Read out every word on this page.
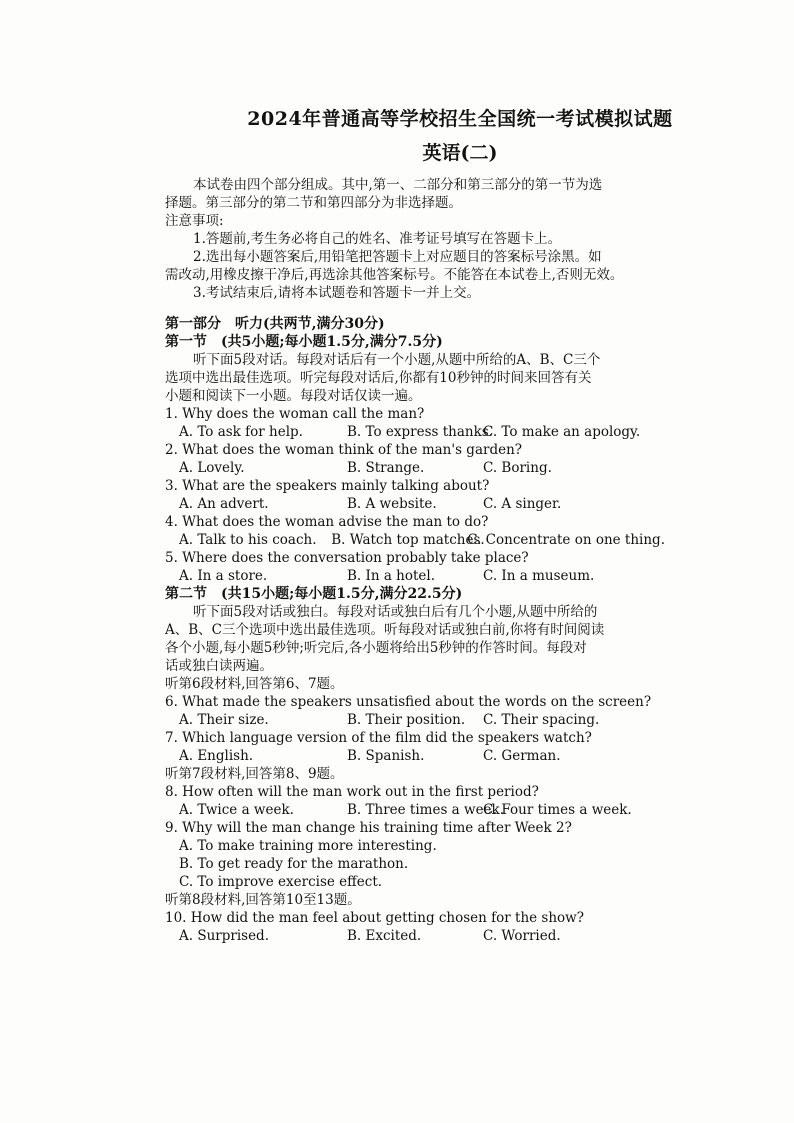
2024年普通高等学校招生全国统一考试模拟试题
英语(二)
本试卷由四个部分组成。其中,第一、二部分和第三部分的第一节为选
择题。第三部分的第二节和第四部分为非选择题。
注意事项:
1.答题前,考生务必将自己的姓名、准考证号填写在答题卡上。
2.选出每小题答案后,用铅笔把答题卡上对应题目的答案标号涂黑。如
需改动,用橡皮擦干净后,再选涂其他答案标号。不能答在本试卷上,否则无效。
3.考试结束后,请将本试题卷和答题卡一并上交。
第一部分　听力(共两节,满分30分)
第一节　(共5小题;每小题1.5分,满分7.5分)
听下面5段对话。每段对话后有一个小题,从题中所给的A、B、C三个
选项中选出最佳选项。听完每段对话后,你都有10秒钟的时间来回答有关
小题和阅读下一小题。每段对话仅读一遍。
1. Why does the woman call the man?
A. To ask for help.	B. To express thanks.
C. To make an apology.
2. What does the woman think of the man's garden?
A. Lovely.	B. Strange.	C. Boring.
3. What are the speakers mainly talking about?
A. An advert.	B. A website.	C. A singer.
4. What does the woman advise the man to do?
A. Talk to his coach.	B. Watch top matches.
C. Concentrate on one thing.
5. Where does the conversation probably take place?
A. In a store.	B. In a hotel.	C. In a museum.
第二节　(共15小题;每小题1.5分,满分22.5分)
听下面5段对话或独白。每段对话或独白后有几个小题,从题中所给的
A、B、C三个选项中选出最佳选项。听每段对话或独白前,你将有时间阅读
各个小题,每小题5秒钟;听完后,各小题将给出5秒钟的作答时间。每段对
话或独白读两遍。
听第6段材料,回答第6、7题。
6. What made the speakers unsatisfied about the words on the screen?
A. Their size.	B. Their position.	C. Their spacing.
7. Which language version of the film did the speakers watch?
A. English.	B. Spanish.	C. German.
听第7段材料,回答第8、9题。
8. How often will the man work out in the first period?
A. Twice a week.	B. Three times a week.
C. Four times a week.
9. Why will the man change his training time after Week 2?
A. To make training more interesting.
B. To get ready for the marathon.
C. To improve exercise effect.
听第8段材料,回答第10至13题。
10. How did the man feel about getting chosen for the show?
A. Surprised.	B. Excited.	C. Worried.
